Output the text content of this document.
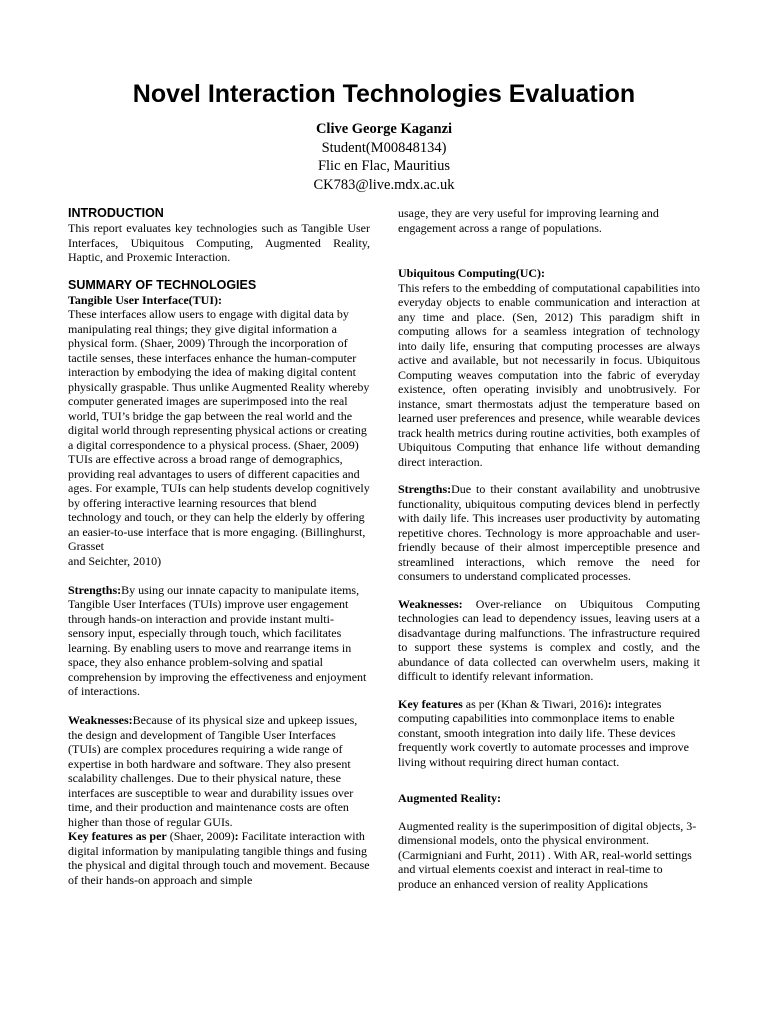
Novel Interaction Technologies Evaluation
Clive George Kaganzi
Student(M00848134)
Flic en Flac, Mauritius
CK783@live.mdx.ac.uk
INTRODUCTION

This report evaluates key technologies such as Tangible User Interfaces, Ubiquitous Computing, Augmented Reality, Haptic, and Proxemic Interaction.

SUMMARY OF TECHNOLOGIES
Tangible User Interface(TUI):

These interfaces allow users to engage with digital data by manipulating real things; they give digital information a physical form. (Shaer, 2009) Through the incorporation of tactile senses, these interfaces enhance the human-computer interaction by embodying the idea of making digital content physically graspable. Thus unlike Augmented Reality whereby computer generated images are superimposed into the real world, TUI’s bridge the gap between the real world and the digital world through representing physical actions or creating a digital correspondence to a physical process. (Shaer, 2009) TUIs are effective across a broad range of demographics, providing real advantages to users of different capacities and ages. For example, TUIs can help students develop cognitively by offering interactive learning resources that blend technology and touch, or they can help the elderly by offering an easier-to-use interface that is more engaging. (Billinghurst, Grasset
and Seichter, 2010)

Strengths:By using our innate capacity to manipulate items, Tangible User Interfaces (TUIs) improve user engagement through hands-on interaction and provide instant multi-sensory input, especially through touch, which facilitates learning. By enabling users to move and rearrange items in space, they also enhance problem-solving and spatial comprehension by improving the effectiveness and enjoyment of interactions.

Weaknesses:Because of its physical size and upkeep issues, the design and development of Tangible User Interfaces (TUIs) are complex procedures requiring a wide range of expertise in both hardware and software. They also present scalability challenges. Due to their physical nature, these interfaces are susceptible to wear and durability issues over time, and their production and maintenance costs are often higher than those of regular GUIs.

Key features as per (Shaer, 2009): Facilitate interaction with digital information by manipulating tangible things and fusing the physical and digital through touch and movement. Because of their hands-on approach and simple

usage, they are very useful for improving learning and engagement across a range of populations.

Ubiquitous Computing(UC):

This refers to the embedding of computational capabilities into everyday objects to enable communication and interaction at any time and place. (Sen, 2012) This paradigm shift in computing allows for a seamless integration of technology into daily life, ensuring that computing processes are always active and available, but not necessarily in focus. Ubiquitous Computing weaves computation into the fabric of everyday existence, often operating invisibly and unobtrusively. For instance, smart thermostats adjust the temperature based on learned user preferences and presence, while wearable devices track health metrics during routine activities, both examples of Ubiquitous Computing that enhance life without demanding direct interaction.

Strengths:Due to their constant availability and unobtrusive functionality, ubiquitous computing devices blend in perfectly with daily life. This increases user productivity by automating repetitive chores. Technology is more approachable and user-friendly because of their almost imperceptible presence and streamlined interactions, which remove the need for consumers to understand complicated processes.

Weaknesses: Over-reliance on Ubiquitous Computing technologies can lead to dependency issues, leaving users at a disadvantage during malfunctions. The infrastructure required to support these systems is complex and costly, and the abundance of data collected can overwhelm users, making it difficult to identify relevant information.

Key features as per (Khan & Tiwari, 2016): integrates computing capabilities into commonplace items to enable constant, smooth integration into daily life. These devices frequently work covertly to automate processes and improve living without requiring direct human contact.

Augmented Reality:

Augmented reality is the superimposition of digital objects, 3-dimensional models, onto the physical environment. (Carmigniani and Furht, 2011) . With AR, real-world settings and virtual elements coexist and interact in real-time to produce an enhanced version of reality Applications
